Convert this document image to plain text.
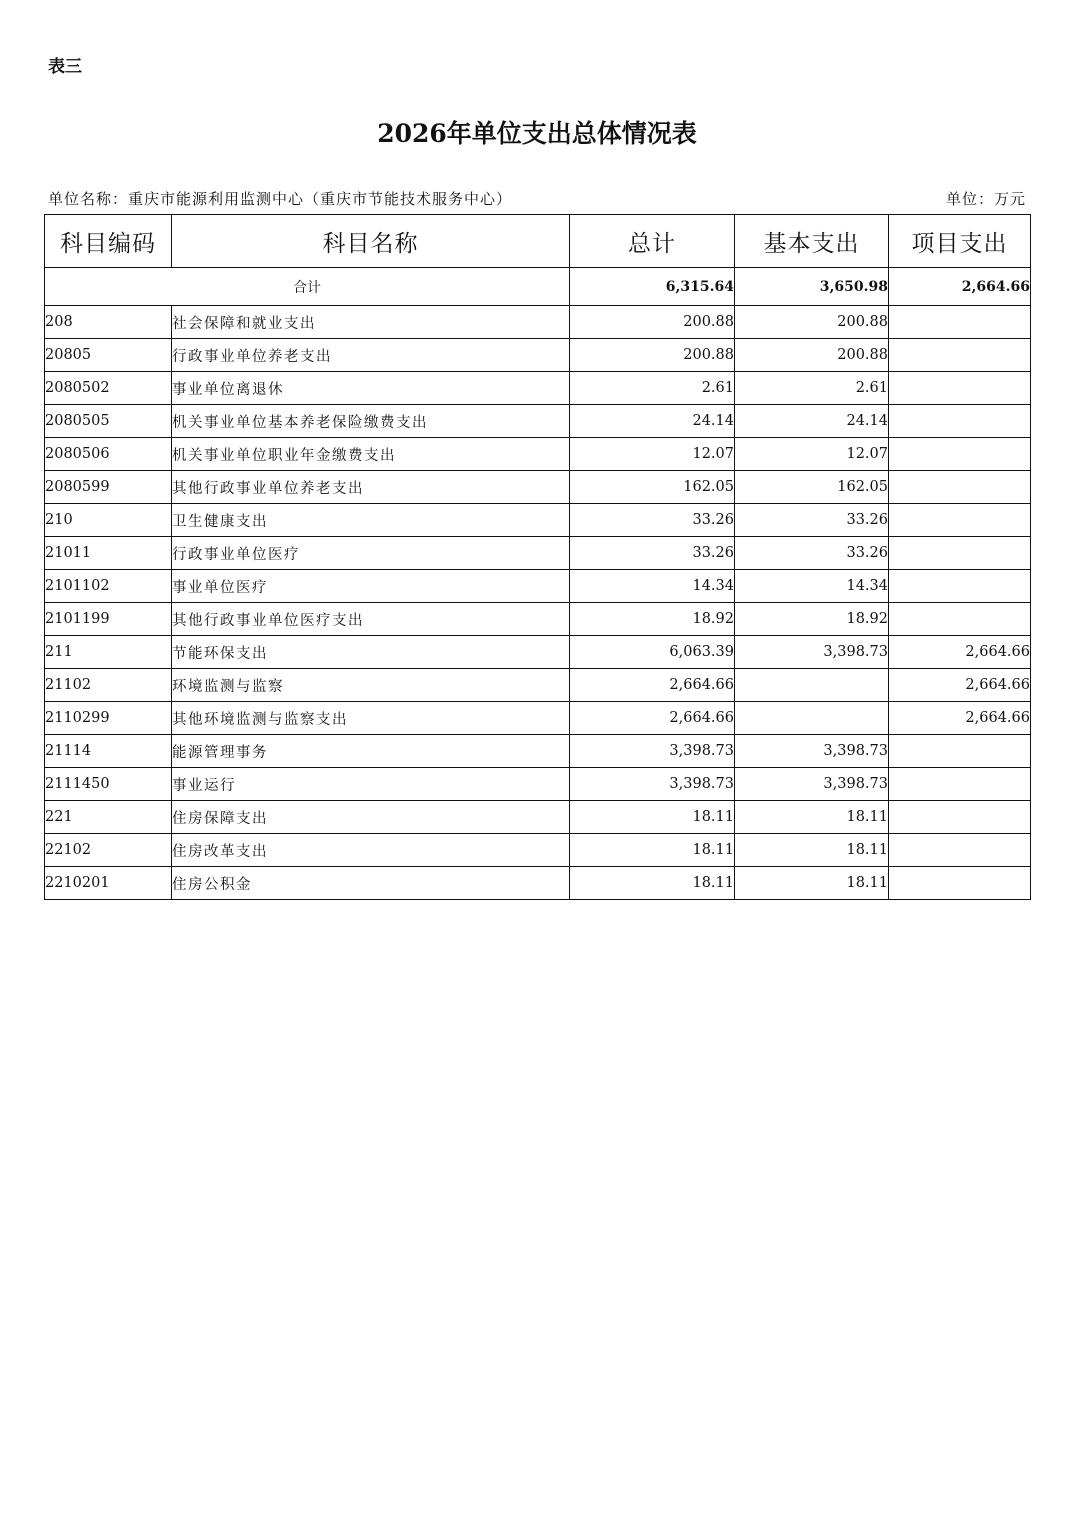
表三
2026年单位支出总体情况表
单位名称：重庆市能源利用监测中心（重庆市节能技术服务中心）	单位：万元
科目编码	科目名称	总计	基本支出	项目支出
合计		6,315.64	3,650.98	2,664.66
208	社会保障和就业支出	200.88	200.88	
20805	行政事业单位养老支出	200.88	200.88	
2080502	事业单位离退休	2.61	2.61	
2080505	机关事业单位基本养老保险缴费支出	24.14	24.14	
2080506	机关事业单位职业年金缴费支出	12.07	12.07	
2080599	其他行政事业单位养老支出	162.05	162.05	
210	卫生健康支出	33.26	33.26	
21011	行政事业单位医疗	33.26	33.26	
2101102	事业单位医疗	14.34	14.34	
2101199	其他行政事业单位医疗支出	18.92	18.92	
211	节能环保支出	6,063.39	3,398.73	2,664.66
21102	环境监测与监察	2,664.66		2,664.66
2110299	其他环境监测与监察支出	2,664.66		2,664.66
21114	能源管理事务	3,398.73	3,398.73	
2111450	事业运行	3,398.73	3,398.73	
221	住房保障支出	18.11	18.11	
22102	住房改革支出	18.11	18.11	
2210201	住房公积金	18.11	18.11	
